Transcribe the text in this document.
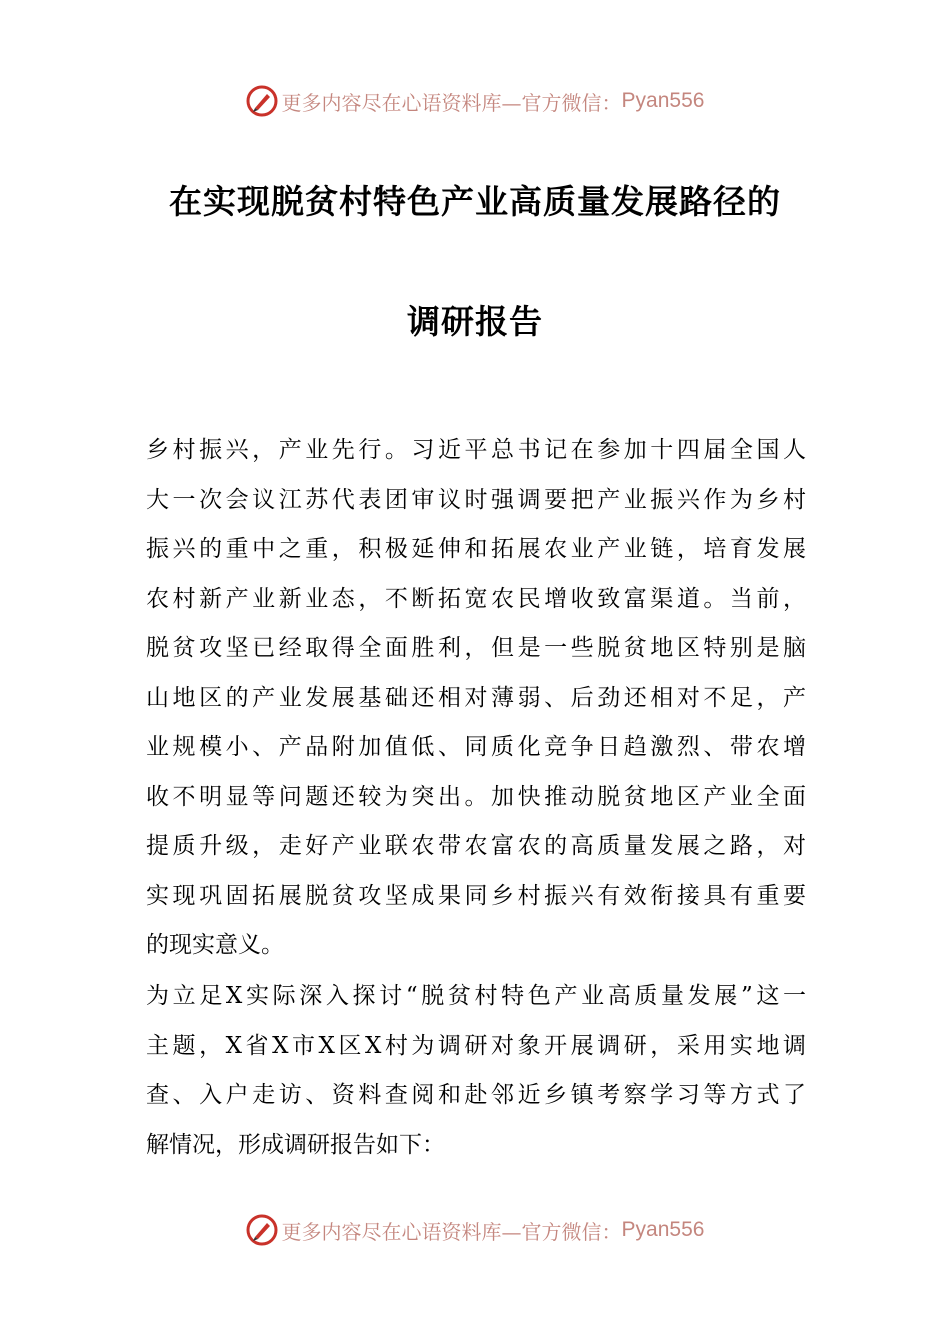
更多内容尽在心语资料库—官方微信： Pyan556
在实现脱贫村特色产业高质量发展路径的
调研报告
乡村振兴，产业先行。习近平总书记在参加十四届全国人
大一次会议江苏代表团审议时强调要把产业振兴作为乡村
振兴的重中之重，积极延伸和拓展农业产业链，培育发展
农村新产业新业态，不断拓宽农民增收致富渠道。当前，
脱贫攻坚已经取得全面胜利，但是一些脱贫地区特别是脑
山地区的产业发展基础还相对薄弱、后劲还相对不足，产
业规模小、产品附加值低、同质化竞争日趋激烈、带农增
收不明显等问题还较为突出。加快推动脱贫地区产业全面
提质升级，走好产业联农带农富农的高质量发展之路，对
实现巩固拓展脱贫攻坚成果同乡村振兴有效衔接具有重要
的现实意义。
为立足X实际深入探讨“脱贫村特色产业高质量发展”这一
主题，X省X市X区X村为调研对象开展调研，采用实地调
查、入户走访、资料查阅和赴邻近乡镇考察学习等方式了
解情况，形成调研报告如下：
更多内容尽在心语资料库—官方微信： Pyan556
